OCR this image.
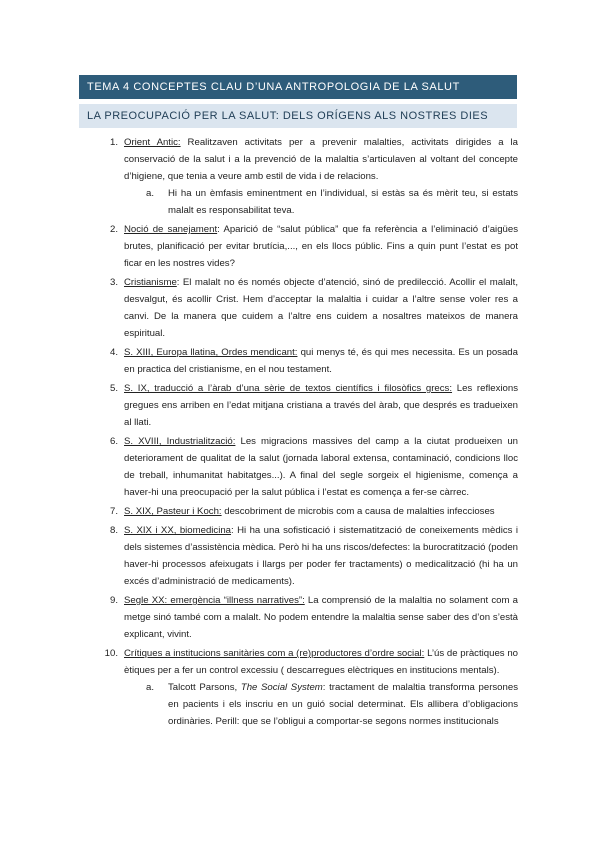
TEMA 4 CONCEPTES CLAU D’UNA ANTROPOLOGIA DE LA SALUT
LA PREOCUPACIÓ PER LA SALUT: DELS ORÍGENS ALS NOSTRES DIES
1. Orient Antic: Realitzaven activitats per a prevenir malalties, activitats dirigides a la conservació de la salut i a la prevenció de la malaltia s’articulaven al voltant del concepte d’higiene, que tenia a veure amb estil de vida i de relacions.
a. Hi ha un èmfasis eminentment en l’individual, si estàs sa és mèrit teu, si estats malalt es responsabilitat teva.
2. Noció de sanejament: Aparició de “salut pública” que fa referència a l’eliminació d’aigües brutes, planificació per evitar brutícia,..., en els llocs públic. Fins a quin punt l’estat es pot ficar en les nostres vides?
3. Cristianisme: El malalt no és només objecte d’atenció, sinó de predilecció. Acollir el malalt, desvalgut, és acollir Crist. Hem d’acceptar la malaltia i cuidar a l’altre sense voler res a canvi. De la manera que cuidem a l’altre ens cuidem a nosaltres mateixos de manera espiritual.
4. S. XIII, Europa llatina, Ordes mendicant: qui menys té, és qui mes necessita. Es un posada en practica del cristianisme, en el nou testament.
5. S. IX, traducció a l’àrab d’una sèrie de textos científics i filosòfics grecs: Les reflexions gregues ens arriben en l’edat mitjana cristiana a través del àrab, que després es tradueixen al llati.
6. S. XVIII, Industrialització: Les migracions massives del camp a la ciutat produeixen un deteriorament de qualitat de la salut (jornada laboral extensa, contaminació, condicions lloc de treball, inhumanitat habitatges...). A final del segle sorgeix el higienisme, comença a haver-hi una preocupació per la salut pública i l’estat es comença a fer-se càrrec.
7. S. XIX, Pasteur i Koch: descobriment de microbis com a causa de malalties infeccioses
8. S. XIX i XX, biomedicina: Hi ha una sofisticació i sistematització de coneixements mèdics i dels sistemes d’assistència mèdica. Però hi ha uns riscos/defectes: la burocratització (poden haver-hi processos afeixugats i llargs per poder fer tractaments) o medicalització (hi ha un excés d’administració de medicaments).
9. Segle XX: emergència “illness narratives”: La comprensió de la malaltia no solament com a metge sinó també com a malalt. No podem entendre la malaltia sense saber des d’on s’està explicant, vivint.
10. Crítiques a institucions sanitàries com a (re)productores d’ordre social: L’ús de pràctiques no ètiques per a fer un control excessiu ( descarregues elèctriques en institucions mentals).
a. Talcott Parsons, The Social System: tractament de malaltia transforma persones en pacients i els inscriu en un guió social determinat. Els allibera d’obligacions ordinàries. Perill: que se l’obligui a comportar-se segons normes institucionals
